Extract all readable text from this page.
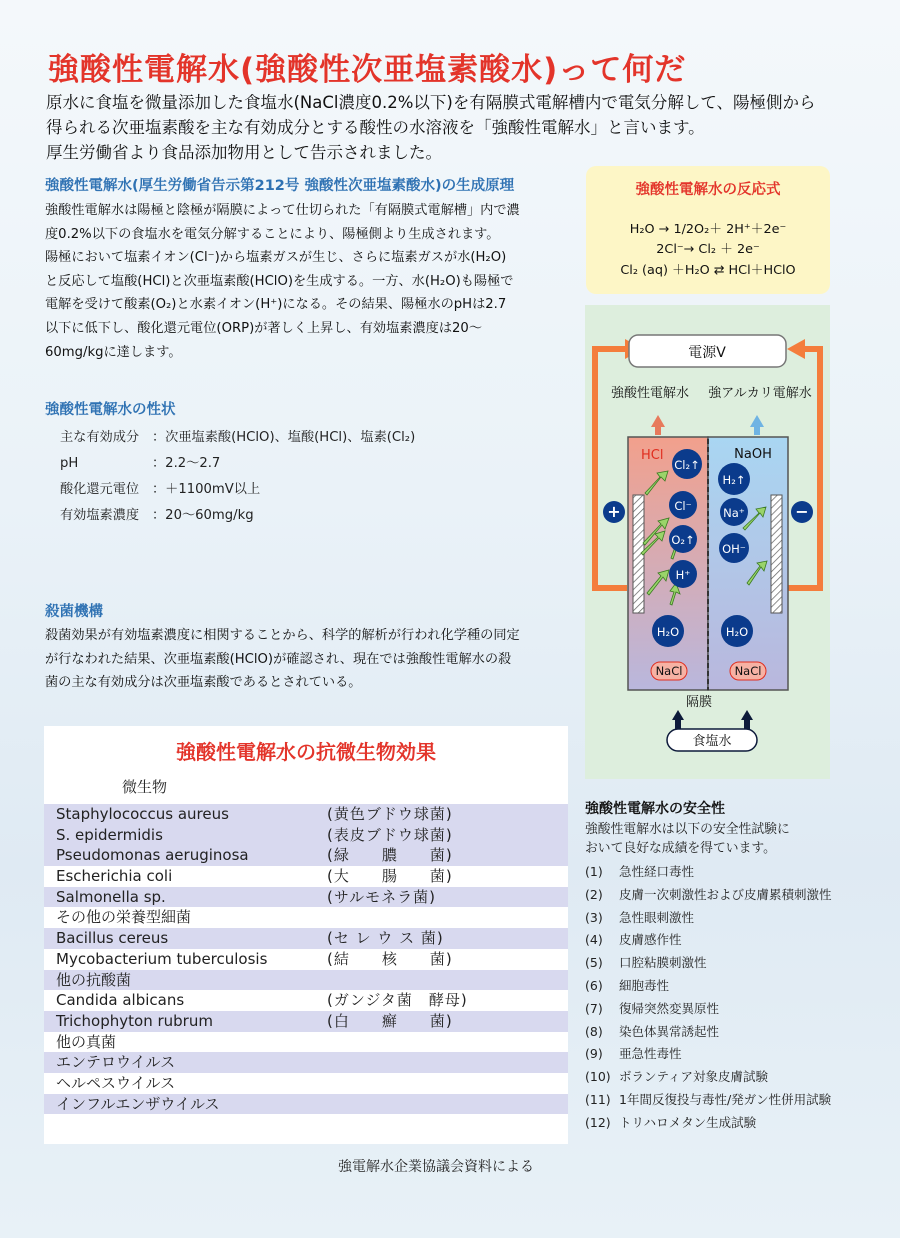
強酸性電解水(強酸性次亜塩素酸水)って何だ
原水に食塩を微量添加した食塩水(NaCl濃度0.2%以下)を有隔膜式電解槽内で電気分解して、陽極側から
得られる次亜塩素酸を主な有効成分とする酸性の水溶液を「強酸性電解水」と言います。
厚生労働省より食品添加物用として告示されました。
強酸性電解水(厚生労働省告示第212号 強酸性次亜塩素酸水)の生成原理
強酸性電解水は陽極と陰極が隔膜によって仕切られた「有隔膜式電解槽」内で濃
度0.2%以下の食塩水を電気分解することにより、陽極側より生成されます。
陽極において塩素イオン(Cl⁻)から塩素ガスが生じ、さらに塩素ガスが水(H₂O)
と反応して塩酸(HCl)と次亜塩素酸(HClO)を生成する。一方、水(H₂O)も陽極で
電解を受けて酸素(O₂)と水素イオン(H⁺)になる。その結果、陽極水のpHは2.7
以下に低下し、酸化還元電位(ORP)が著しく上昇し、有効塩素濃度は20～
60mg/kgに達します。
強酸性電解水の性状
主な有効成分 ：次亜塩素酸(HClO)、塩酸(HCl)、塩素(Cl₂)
pH	：2.2～2.7
酸化還元電位 ：＋1100mV以上
有効塩素濃度 ：20～60mg/kg
殺菌機構
殺菌効果が有効塩素濃度に相関することから、科学的解析が行われ化学種の同定
が行なわれた結果、次亜塩素酸(HClO)が確認され、現在では強酸性電解水の殺
菌の主な有効成分は次亜塩素酸であるとされている。
強酸性電解水の反応式
H₂O → 1/2O₂＋ 2H⁺＋2e⁻
2Cl⁻→ Cl₂ ＋ 2e⁻
Cl₂ (aq) ＋H₂O ⇄ HCl＋HClO
電源V
強酸性電解水 強アルカリ電解水
HCl	NaOH
+	−
Cl₂↑
Cl⁻
O₂↑
H⁺
H₂O
H₂↑
Na⁺
OH⁻
H₂O
NaCl	NaCl
隔膜
食塩水
強酸性電解水の抗微生物効果
微生物
Staphylococcus aureus	(黄色ブドウ球菌)
S. epidermidis	(表皮ブドウ球菌)
Pseudomonas aeruginosa	(緑　　膿　　菌)
Escherichia coli	(大　　腸　　菌)
Salmonella sp.	(サルモネラ菌)
その他の栄養型細菌
Bacillus cereus	(セ レ ウ ス 菌)
Mycobacterium tuberculosis	(結　　核　　菌)
他の抗酸菌
Candida albicans	(ガンジタ菌　酵母)
Trichophyton rubrum	(白　　癬　　菌)
他の真菌
エンテロウイルス
ヘルペスウイルス
インフルエンザウイルス
強電解水企業協議会資料による
強酸性電解水の安全性
強酸性電解水は以下の安全性試験に
おいて良好な成績を得ています。
(1)	急性経口毒性
(2)	皮膚一次刺激性および皮膚累積刺激性
(3)	急性眼刺激性
(4)	皮膚感作性
(5)	口腔粘膜刺激性
(6)	細胞毒性
(7)	復帰突然変異原性
(8)	染色体異常誘起性
(9)	亜急性毒性
(10) ボランティア対象皮膚試験
(11) 1年間反復投与毒性/発ガン性併用試験
(12) トリハロメタン生成試験
